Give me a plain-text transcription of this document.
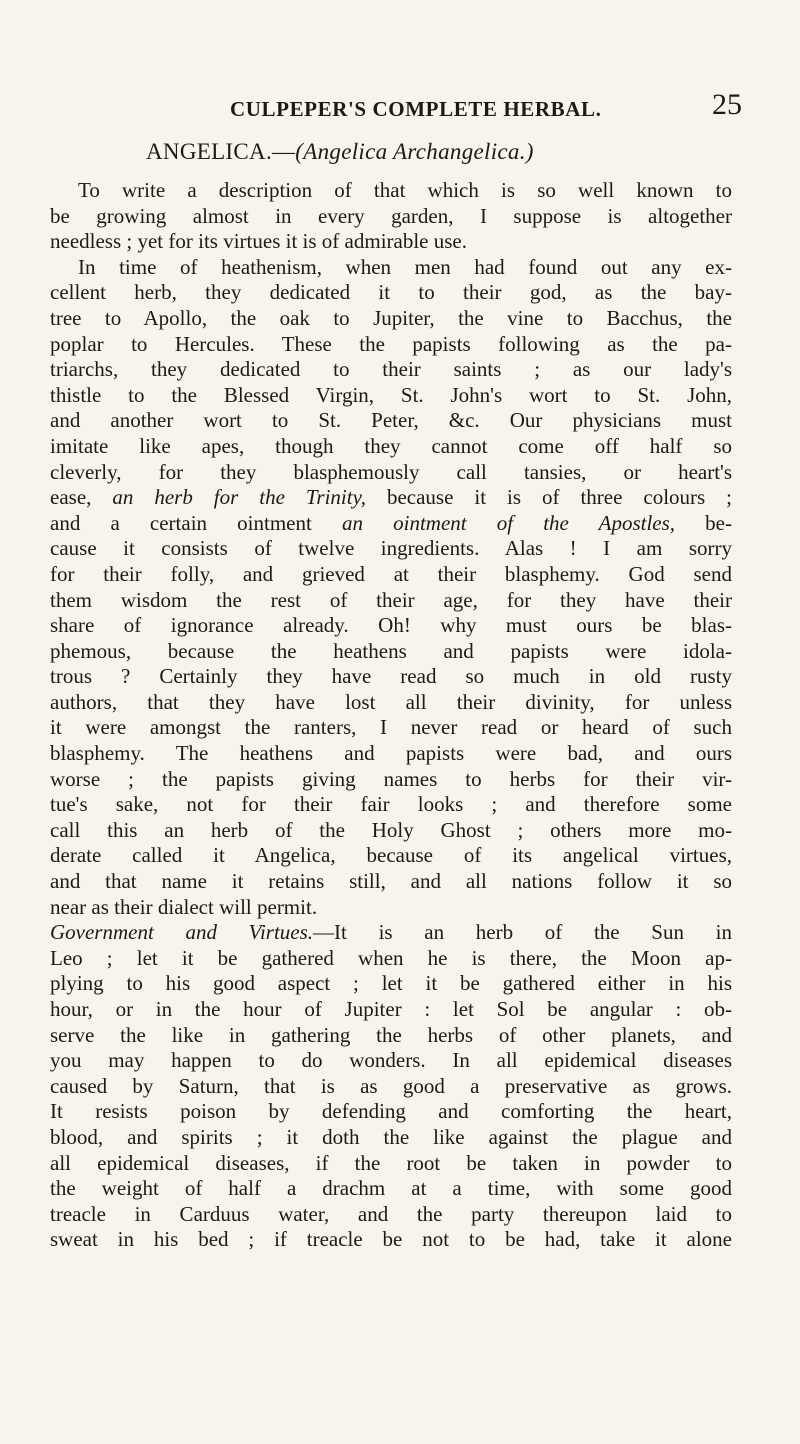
CULPEPER'S COMPLETE HERBAL.	25
ANGELICA.—(Angelica Archangelica.)
To write a description of that which is so well known to
be growing almost in every garden, I suppose is altogether
needless ; yet for its virtues it is of admirable use.
In time of heathenism, when men had found out any ex-
cellent herb, they dedicated it to their god, as the bay-
tree to Apollo, the oak to Jupiter, the vine to Bacchus, the
poplar to Hercules. These the papists following as the pa-
triarchs, they dedicated to their saints ; as our lady's
thistle to the Blessed Virgin, St. John's wort to St. John,
and another wort to St. Peter, &c. Our physicians must
imitate like apes, though they cannot come off half so
cleverly, for they blasphemously call tansies, or heart's
ease, an herb for the Trinity, because it is of three colours ;
and a certain ointment an ointment of the Apostles, be-
cause it consists of twelve ingredients. Alas ! I am sorry
for their folly, and grieved at their blasphemy. God send
them wisdom the rest of their age, for they have their
share of ignorance already. Oh! why must ours be blas-
phemous, because the heathens and papists were idola-
trous ? Certainly they have read so much in old rusty
authors, that they have lost all their divinity, for unless
it were amongst the ranters, I never read or heard of such
blasphemy. The heathens and papists were bad, and ours
worse ; the papists giving names to herbs for their vir-
tue's sake, not for their fair looks ; and therefore some
call this an herb of the Holy Ghost ; others more mo-
derate called it Angelica, because of its angelical virtues,
and that name it retains still, and all nations follow it so
near as their dialect will permit.
Government and Virtues.—It is an herb of the Sun in
Leo ; let it be gathered when he is there, the Moon ap-
plying to his good aspect ; let it be gathered either in his
hour, or in the hour of Jupiter : let Sol be angular : ob-
serve the like in gathering the herbs of other planets, and
you may happen to do wonders. In all epidemical diseases
caused by Saturn, that is as good a preservative as grows.
It resists poison by defending and comforting the heart,
blood, and spirits ; it doth the like against the plague and
all epidemical diseases, if the root be taken in powder to
the weight of half a drachm at a time, with some good
treacle in Carduus water, and the party thereupon laid to
sweat in his bed ; if treacle be not to be had, take it alone
